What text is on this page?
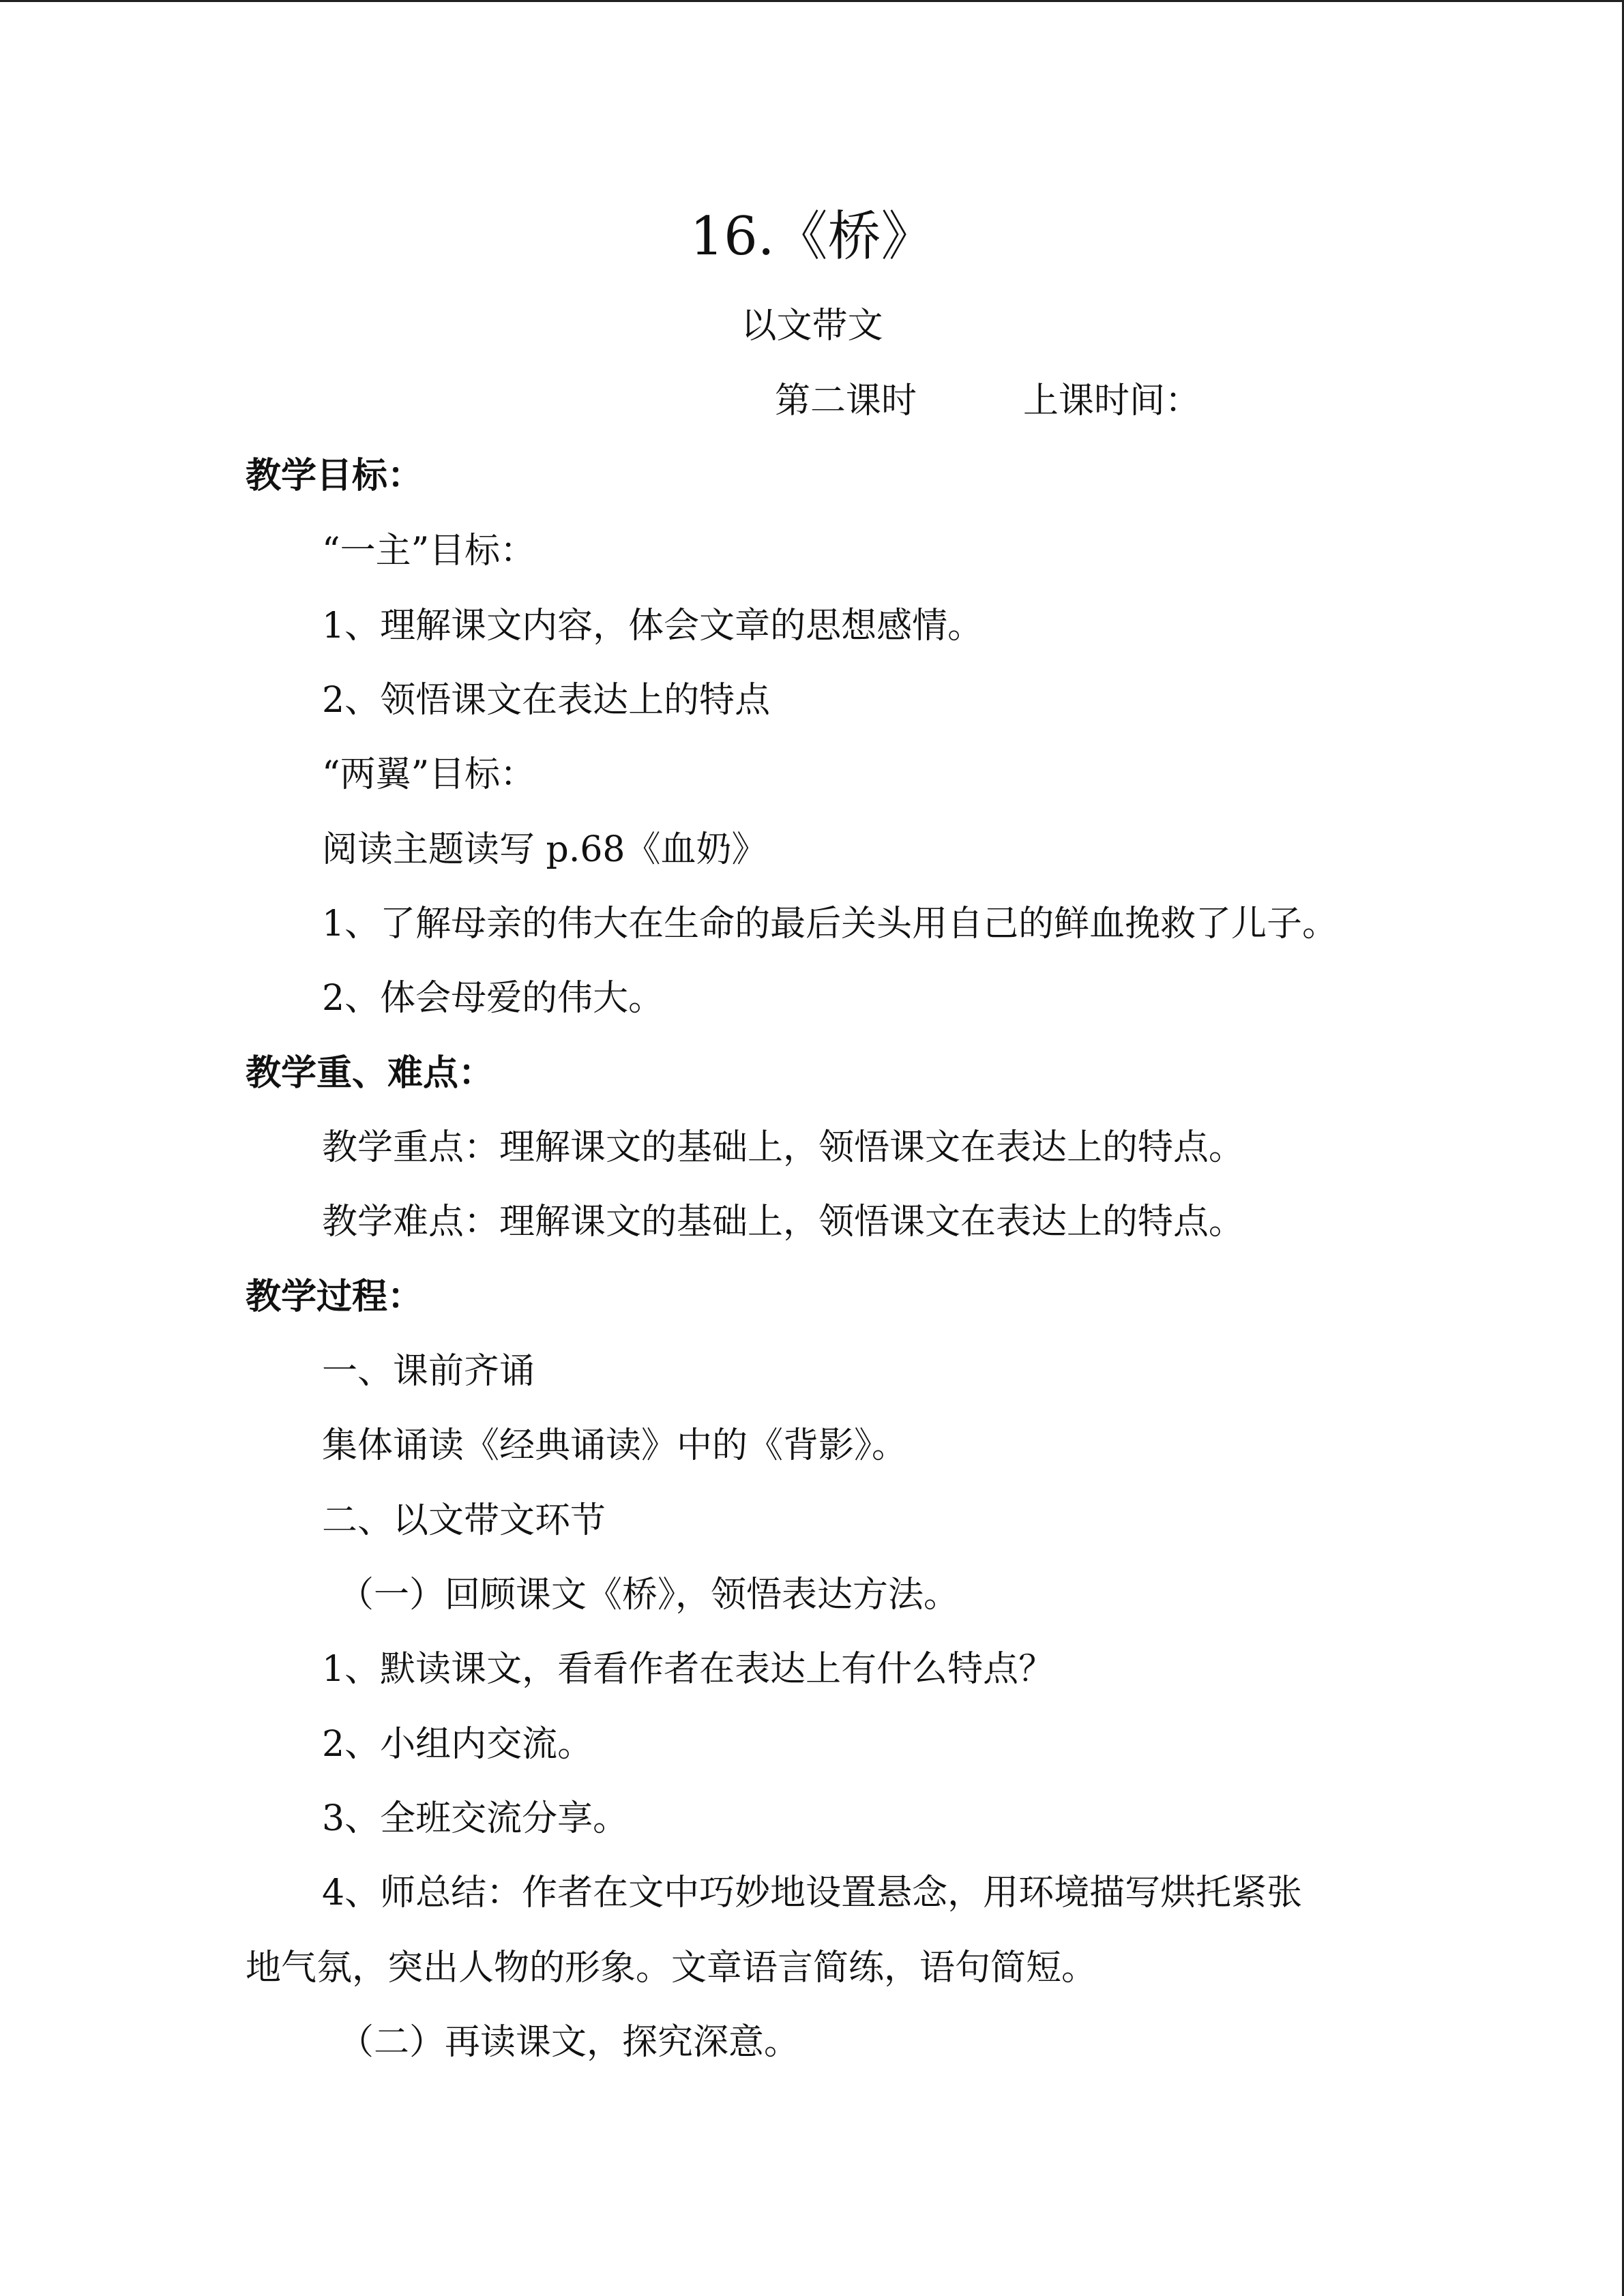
16.《桥》
以文带文
第二课时	上课时间：
教学目标：
“一主”目标：
1、理解课文内容，体会文章的思想感情。
2、领悟课文在表达上的特点
“两翼”目标：
阅读主题读写 p.68《血奶》
1、了解母亲的伟大在生命的最后关头用自己的鲜血挽救了儿子。
2、体会母爱的伟大。
教学重、难点：
教学重点：理解课文的基础上，领悟课文在表达上的特点。
教学难点：理解课文的基础上，领悟课文在表达上的特点。
教学过程：
一、课前齐诵
集体诵读《经典诵读》中的《背影》。
二、以文带文环节
（一）回顾课文《桥》，领悟表达方法。
1、默读课文，看看作者在表达上有什么特点？
2、小组内交流。
3、全班交流分享。
4、师总结：作者在文中巧妙地设置悬念，用环境描写烘托紧张
地气氛，突出人物的形象。文章语言简练，语句简短。
（二）再读课文，探究深意。
